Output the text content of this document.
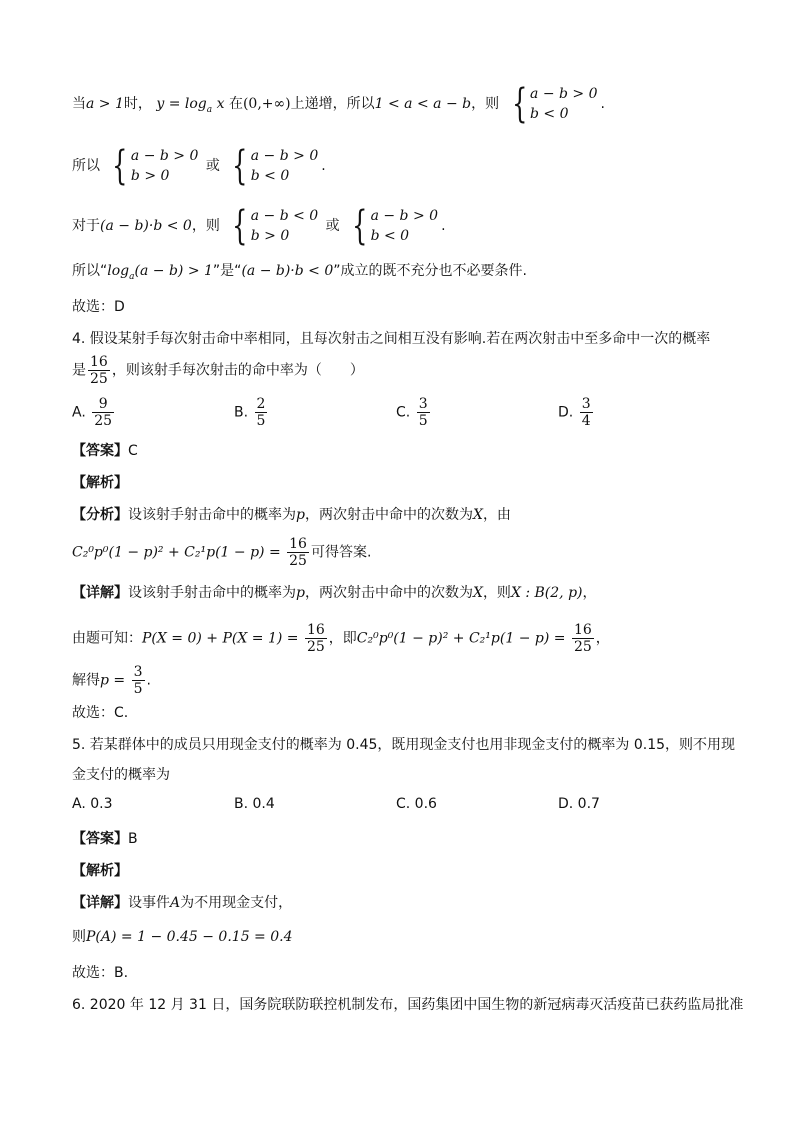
当a > 1时， $y = \log_a x$ 在(0,+∞)上递增，所以1 < a < a − b，则 { a − b > 0
b < 0
.
所以 { a − b > 0
b > 0
或 { a − b > 0
b < 0
.
对于(a − b)·b < 0，则 { a − b < 0
b > 0
或 { a − b > 0
b < 0
.
所以“$\log_a(a - b) > 1$”是“(a − b)·b < 0”成立的既不充分也不必要条件.
故选：D
4. 假设某射手每次射击命中率相同，且每次射击之间相互没有影响.若在两次射击中至多命中一次的概率
是 $\frac{16}{25}$ ，则该射手每次射击的命中率为（　　）
A. $\frac{9}{25}$	B. $\frac{2}{5}$	C. $\frac{3}{5}$	D. $\frac{3}{4}$
【答案】C
【解析】
【分析】设该射手射击命中的概率为p，两次射击中命中的次数为X，由
$C_2^0p^0(1 - p)^2 + C_2^1p(1 - p) = \frac{16}{25}$ 可得答案.
【详解】设该射手射击命中的概率为p，两次射击中命中的次数为X，则X : B(2, p)，
由题可知：$P(X = 0) + P(X = 1) = \frac{16}{25}$ ，即$C_2^0p^0(1 - p)^2 + C_2^1p(1 - p) = \frac{16}{25}$ ，
解得$p = \frac{3}{5}$ .
故选：C.
5. 若某群体中的成员只用现金支付的概率为 0.45，既用现金支付也用非现金支付的概率为 0.15，则不用现
金支付的概率为
A. 0.3	B. 0.4	C. 0.6	D. 0.7
【答案】B
【解析】
【详解】设事件A为不用现金支付，
则P(A) = 1 − 0.45 − 0.15 = 0.4
故选：B.
6. 2020 年 12 月 31 日，国务院联防联控机制发布，国药集团中国生物的新冠病毒灭活疫苗已获药监局批准
